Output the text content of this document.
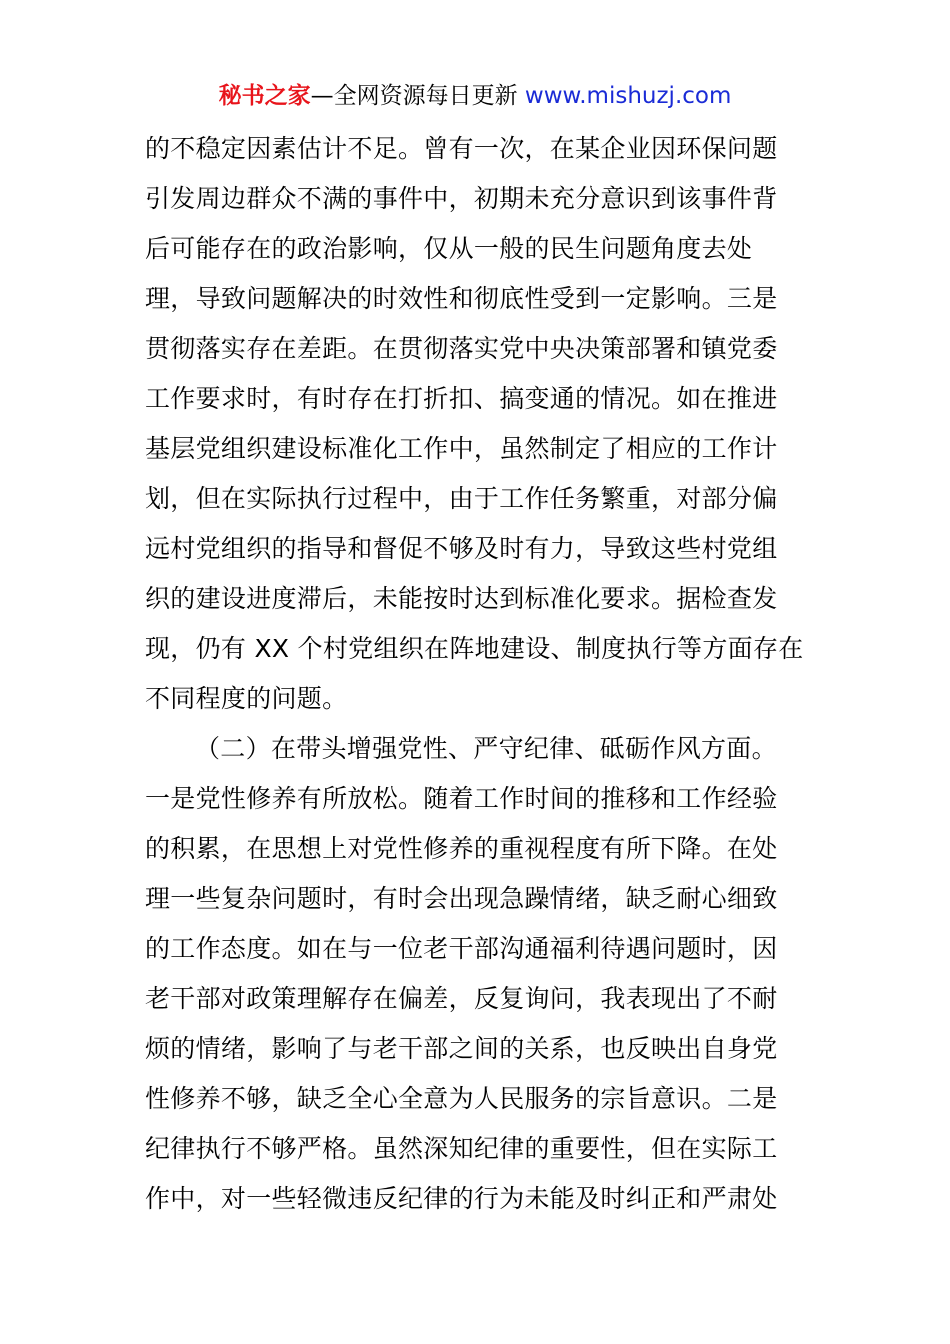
秘书之家—全网资源每日更新 www.mishuzj.com
的不稳定因素估计不足。曾有一次，在某企业因环保问题
引发周边群众不满的事件中，初期未充分意识到该事件背
后可能存在的政治影响，仅从一般的民生问题角度去处
理，导致问题解决的时效性和彻底性受到一定影响。三是
贯彻落实存在差距。在贯彻落实党中央决策部署和镇党委
工作要求时，有时存在打折扣、搞变通的情况。如在推进
基层党组织建设标准化工作中，虽然制定了相应的工作计
划，但在实际执行过程中，由于工作任务繁重，对部分偏
远村党组织的指导和督促不够及时有力，导致这些村党组
织的建设进度滞后，未能按时达到标准化要求。据检查发
现，仍有 XX 个村党组织在阵地建设、制度执行等方面存在
不同程度的问题。
（二）在带头增强党性、严守纪律、砥砺作风方面。
一是党性修养有所放松。随着工作时间的推移和工作经验
的积累，在思想上对党性修养的重视程度有所下降。在处
理一些复杂问题时，有时会出现急躁情绪，缺乏耐心细致
的工作态度。如在与一位老干部沟通福利待遇问题时，因
老干部对政策理解存在偏差，反复询问，我表现出了不耐
烦的情绪，影响了与老干部之间的关系，也反映出自身党
性修养不够，缺乏全心全意为人民服务的宗旨意识。二是
纪律执行不够严格。虽然深知纪律的重要性，但在实际工
作中，对一些轻微违反纪律的行为未能及时纠正和严肃处
